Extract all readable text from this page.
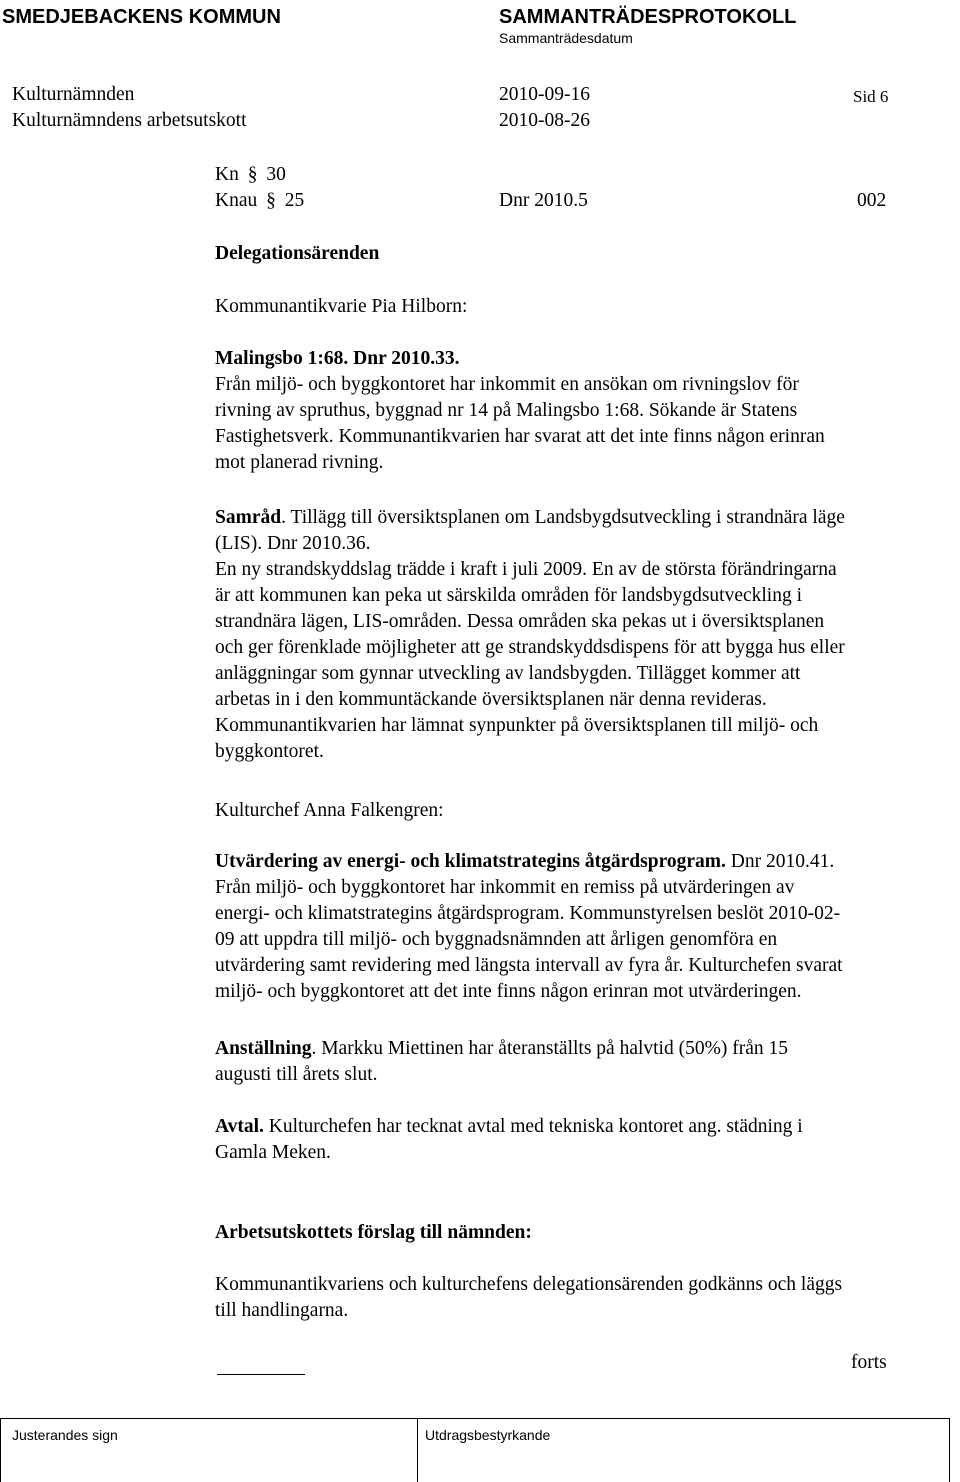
SMEDJEBACKENS KOMMUN	SAMMANTRÄDESPROTOKOLL
Sammanträdesdatum
Kulturnämnden	2010-09-16	Sid 6
Kulturnämndens arbetsutskott	2010-08-26
Kn § 30
Knau § 25	Dnr 2010.5	002
Delegationsärenden
Kommunantikvarie Pia Hilborn:
Malingsbo 1:68. Dnr 2010.33.
Från miljö- och byggkontoret har inkommit en ansökan om rivningslov för
rivning av spruthus, byggnad nr 14 på Malingsbo 1:68. Sökande är Statens
Fastighetsverk. Kommunantikvarien har svarat att det inte finns någon erinran
mot planerad rivning.
Samråd. Tillägg till översiktsplanen om Landsbygdsutveckling i strandnära läge
(LIS). Dnr 2010.36.
En ny strandskyddslag trädde i kraft i juli 2009. En av de största förändringarna
är att kommunen kan peka ut särskilda områden för landsbygdsutveckling i
strandnära lägen, LIS-områden. Dessa områden ska pekas ut i översiktsplanen
och ger förenklade möjligheter att ge strandskyddsdispens för att bygga hus eller
anläggningar som gynnar utveckling av landsbygden. Tillägget kommer att
arbetas in i den kommuntäckande översiktsplanen när denna revideras.
Kommunantikvarien har lämnat synpunkter på översiktsplanen till miljö- och
byggkontoret.
Kulturchef Anna Falkengren:
Utvärdering av energi- och klimatstrategins åtgärdsprogram. Dnr 2010.41.
Från miljö- och byggkontoret har inkommit en remiss på utvärderingen av
energi- och klimatstrategins åtgärdsprogram. Kommunstyrelsen beslöt 2010-02-
09 att uppdra till miljö- och byggnadsnämnden att årligen genomföra en
utvärdering samt revidering med längsta intervall av fyra år. Kulturchefen svarat
miljö- och byggkontoret att det inte finns någon erinran mot utvärderingen.
Anställning. Markku Miettinen har återanställts på halvtid (50%) från 15
augusti till årets slut.
Avtal. Kulturchefen har tecknat avtal med tekniska kontoret ang. städning i
Gamla Meken.
Arbetsutskottets förslag till nämnden:
Kommunantikvariens och kulturchefens delegationsärenden godkänns och läggs
till handlingarna.
forts
Justerandes sign	Utdragsbestyrkande
